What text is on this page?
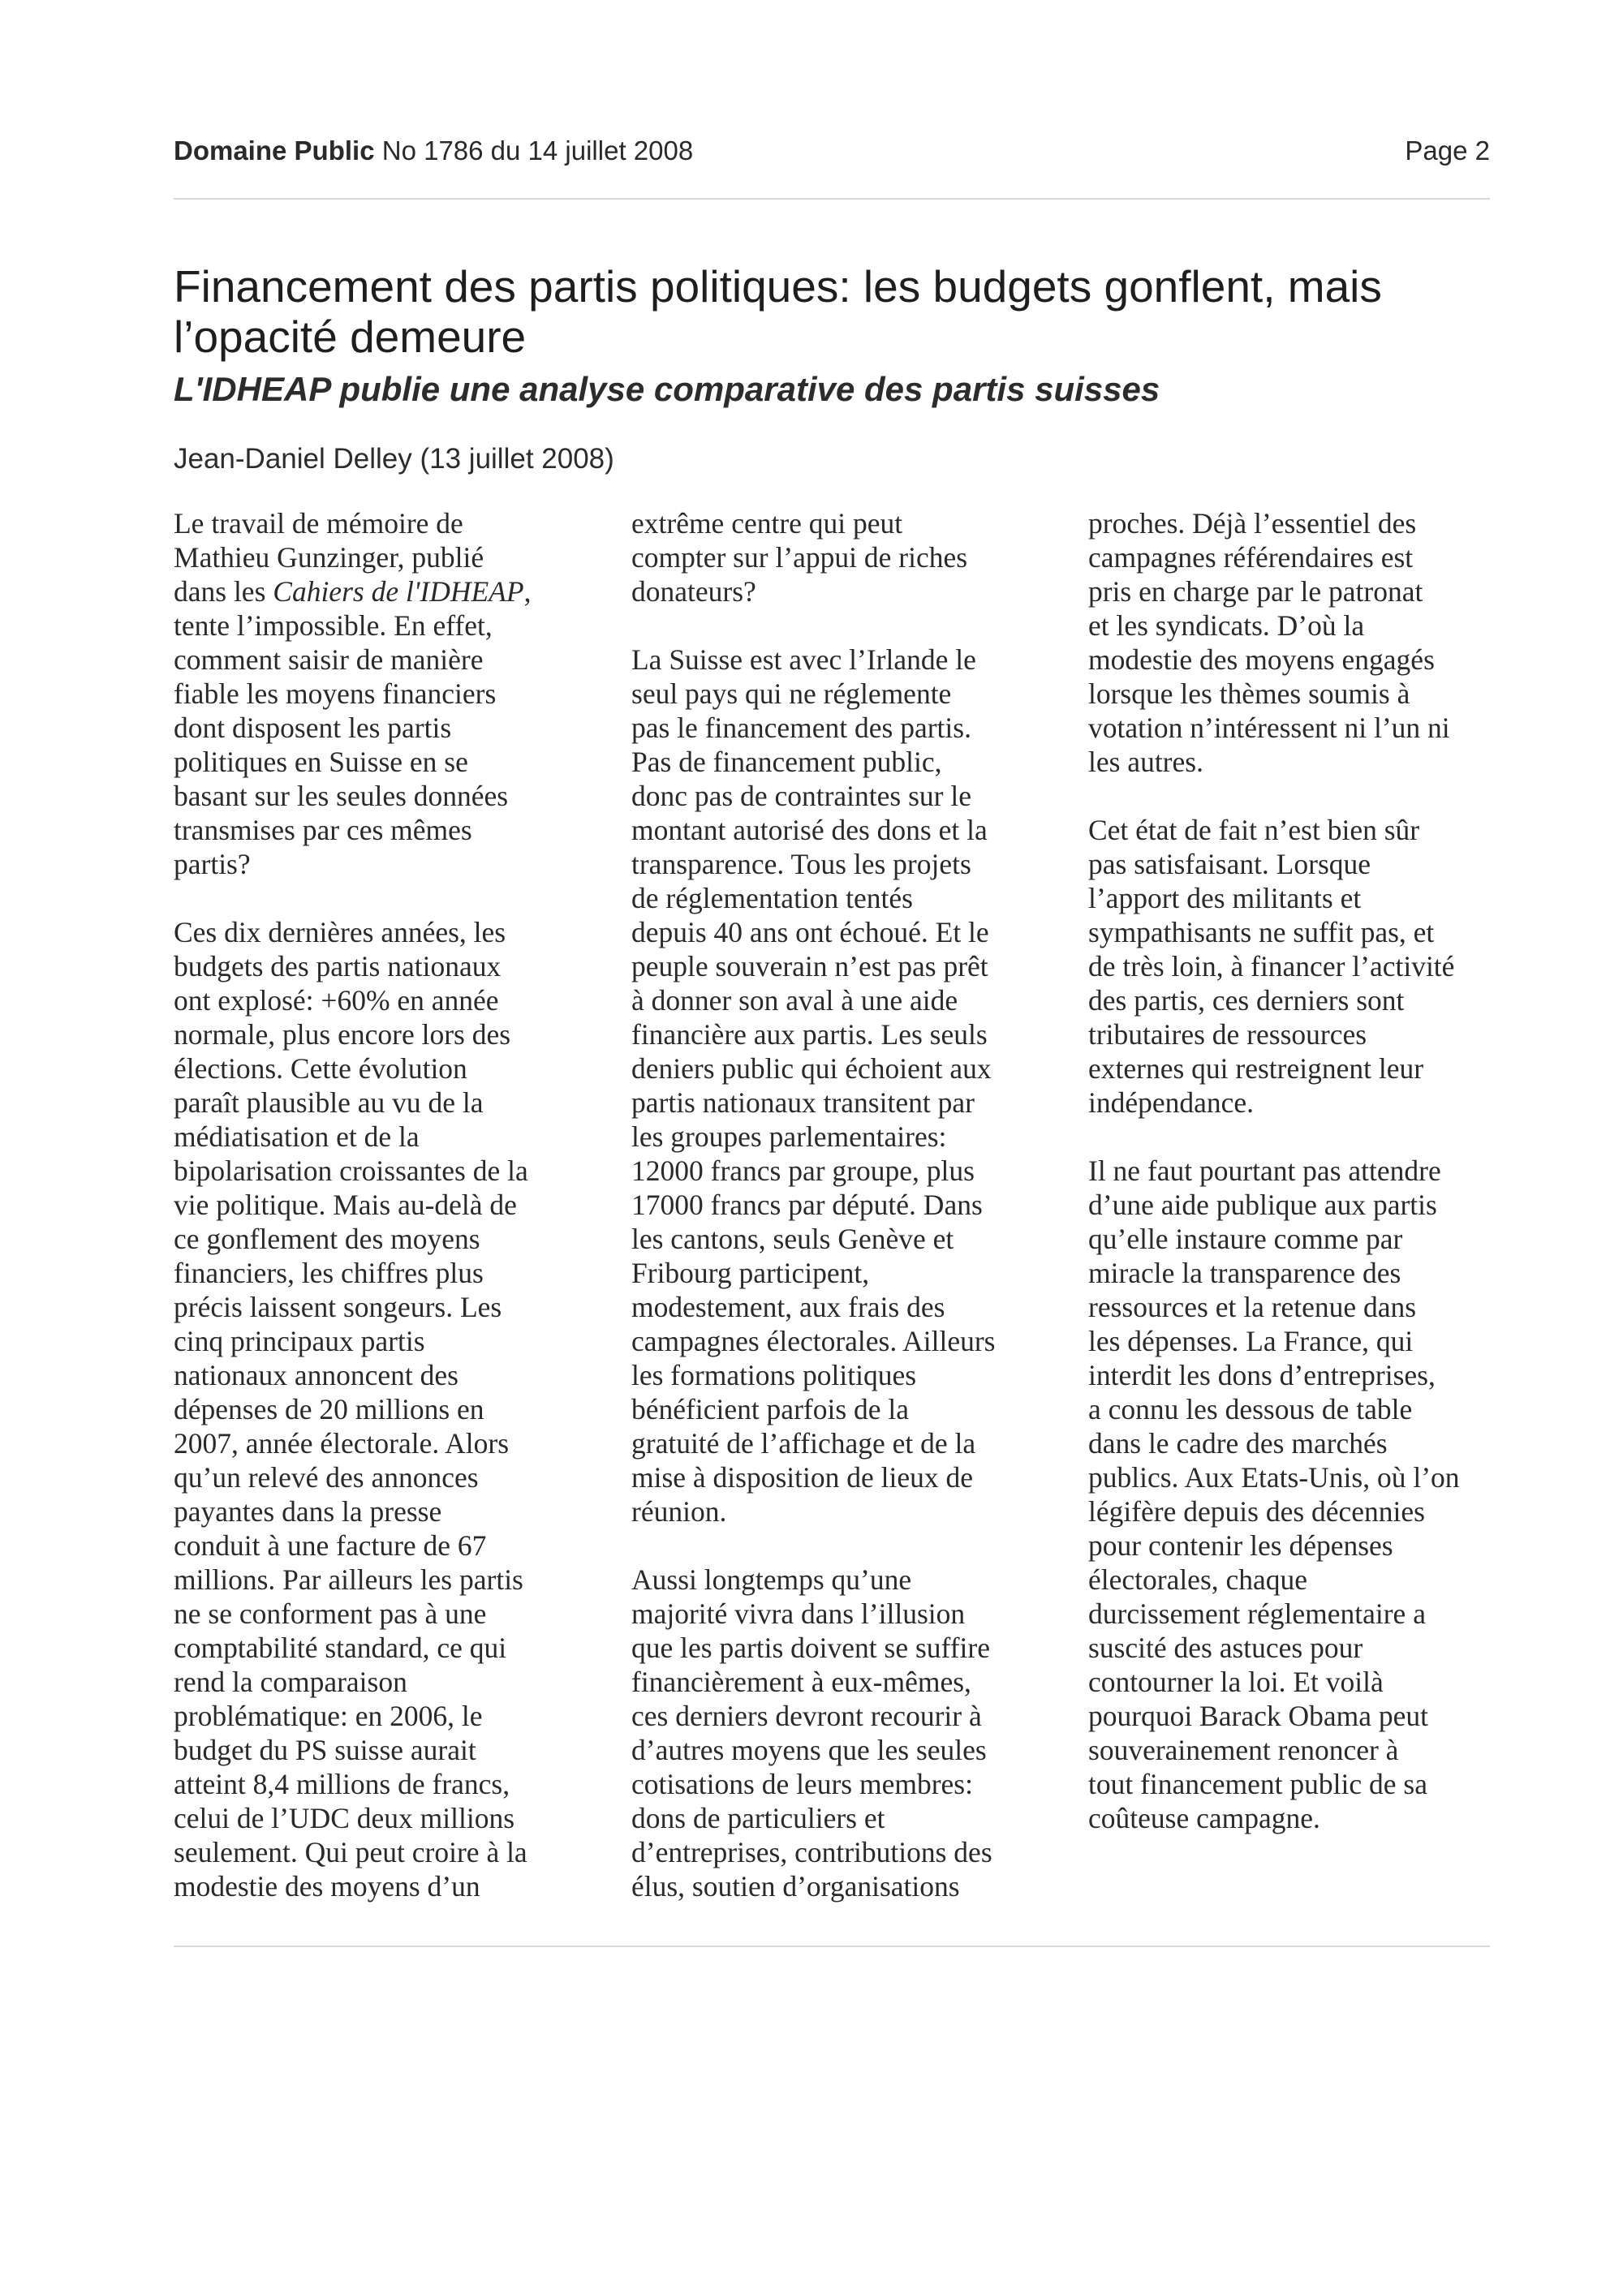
Domaine Public No 1786 du 14 juillet 2008	Page 2
Financement des partis politiques: les budgets gonflent, mais l’opacité demeure
L'IDHEAP publie une analyse comparative des partis suisses
Jean-Daniel Delley (13 juillet 2008)

Le travail de mémoire de
Mathieu Gunzinger, publié
dans les Cahiers de l'IDHEAP,
tente l’impossible. En effet,
comment saisir de manière
fiable les moyens financiers
dont disposent les partis
politiques en Suisse en se
basant sur les seules données
transmises par ces mêmes
partis?

Ces dix dernières années, les
budgets des partis nationaux
ont explosé: +60% en année
normale, plus encore lors des
élections. Cette évolution
paraît plausible au vu de la
médiatisation et de la
bipolarisation croissantes de la
vie politique. Mais au-delà de
ce gonflement des moyens
financiers, les chiffres plus
précis laissent songeurs. Les
cinq principaux partis
nationaux annoncent des
dépenses de 20 millions en
2007, année électorale. Alors
qu’un relevé des annonces
payantes dans la presse
conduit à une facture de 67
millions. Par ailleurs les partis
ne se conforment pas à une
comptabilité standard, ce qui
rend la comparaison
problématique: en 2006, le
budget du PS suisse aurait
atteint 8,4 millions de francs,
celui de l’UDC deux millions
seulement. Qui peut croire à la
modestie des moyens d’un

extrême centre qui peut
compter sur l’appui de riches
donateurs?

La Suisse est avec l’Irlande le
seul pays qui ne réglemente
pas le financement des partis.
Pas de financement public,
donc pas de contraintes sur le
montant autorisé des dons et la
transparence. Tous les projets
de réglementation tentés
depuis 40 ans ont échoué. Et le
peuple souverain n’est pas prêt
à donner son aval à une aide
financière aux partis. Les seuls
deniers public qui échoient aux
partis nationaux transitent par
les groupes parlementaires:
12000 francs par groupe, plus
17000 francs par député. Dans
les cantons, seuls Genève et
Fribourg participent,
modestement, aux frais des
campagnes électorales. Ailleurs
les formations politiques
bénéficient parfois de la
gratuité de l’affichage et de la
mise à disposition de lieux de
réunion.

Aussi longtemps qu’une
majorité vivra dans l’illusion
que les partis doivent se suffire
financièrement à eux-mêmes,
ces derniers devront recourir à
d’autres moyens que les seules
cotisations de leurs membres:
dons de particuliers et
d’entreprises, contributions des
élus, soutien d’organisations

proches. Déjà l’essentiel des
campagnes référendaires est
pris en charge par le patronat
et les syndicats. D’où la
modestie des moyens engagés
lorsque les thèmes soumis à
votation n’intéressent ni l’un ni
les autres.

Cet état de fait n’est bien sûr
pas satisfaisant. Lorsque
l’apport des militants et
sympathisants ne suffit pas, et
de très loin, à financer l’activité
des partis, ces derniers sont
tributaires de ressources
externes qui restreignent leur
indépendance.

Il ne faut pourtant pas attendre
d’une aide publique aux partis
qu’elle instaure comme par
miracle la transparence des
ressources et la retenue dans
les dépenses. La France, qui
interdit les dons d’entreprises,
a connu les dessous de table
dans le cadre des marchés
publics. Aux Etats-Unis, où l’on
légifère depuis des décennies
pour contenir les dépenses
électorales, chaque
durcissement réglementaire a
suscité des astuces pour
contourner la loi. Et voilà
pourquoi Barack Obama peut
souverainement renoncer à
tout financement public de sa
coûteuse campagne.
